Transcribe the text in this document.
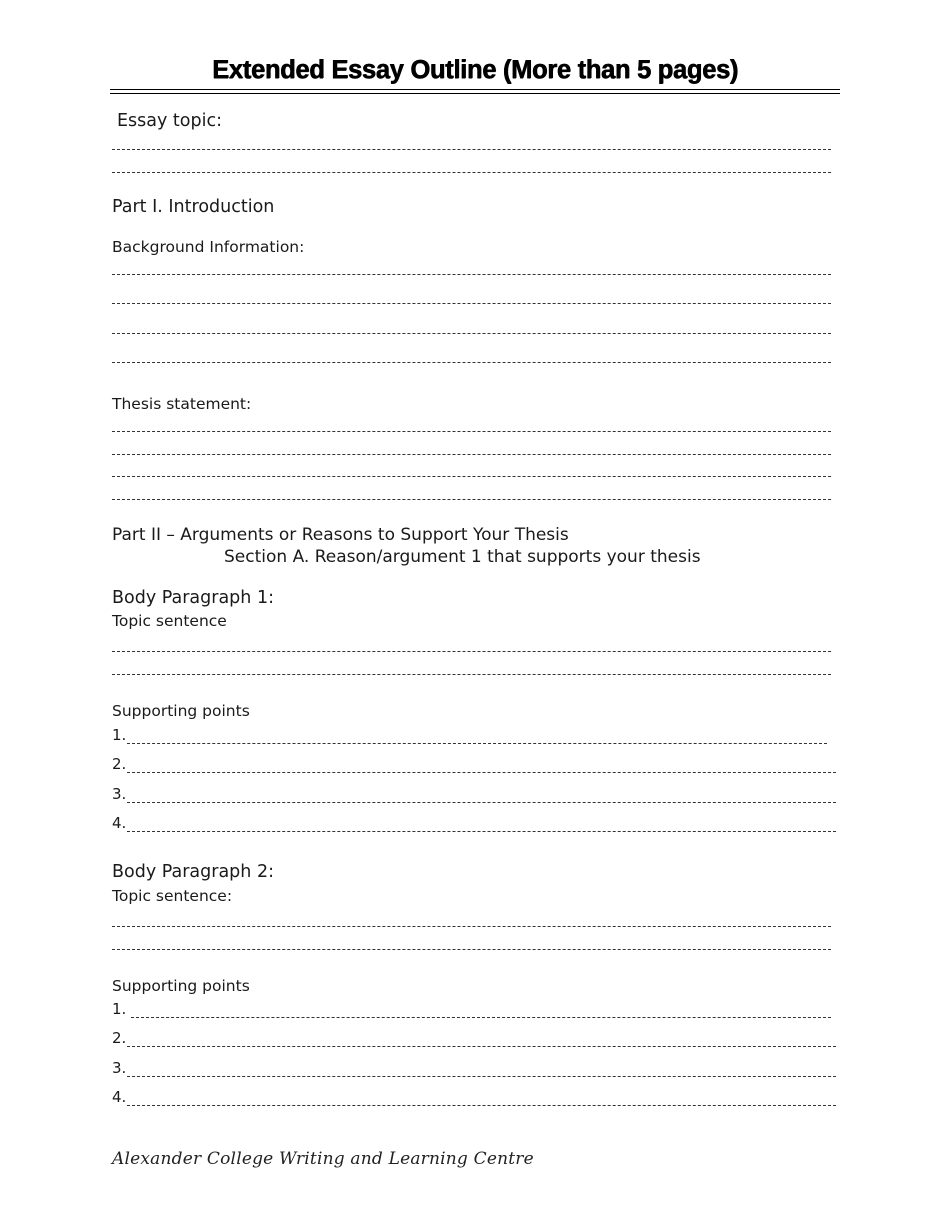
Extended Essay Outline (More than 5 pages)
Essay topic:
Part I. Introduction
Background Information:
Thesis statement:
Part II – Arguments or Reasons to Support Your Thesis
Section A. Reason/argument 1 that supports your thesis
Body Paragraph 1:
Topic sentence
Supporting points
1.
2.
3.
4.
Body Paragraph 2:
Topic sentence:
Supporting points
1.
2.
3.
4.
Alexander College Writing and Learning Centre
